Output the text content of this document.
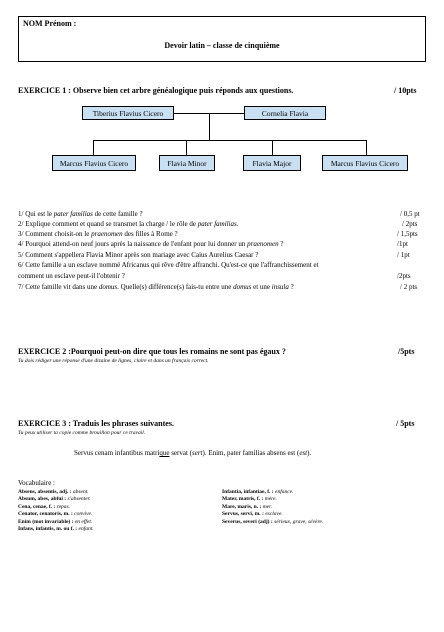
NOM Prénom :
Devoir latin – classe de cinquième
EXERCICE 1 : Observe bien cet arbre généalogique puis réponds aux questions.	/ 10pts
Tiberius Flavius Cicero	Cornelia Flavia
Marcus Flavius Cicero	Flavia Minor	Flavia Major	Marcus Flavius Cicero
1/ Qui est le pater familias de cette famille ?	/ 0,5 pt
2/ Explique comment et quand se transmet la charge / le rôle de pater familias.	/ 2pts
3/ Comment choisit-on le praenomen des filles à Rome ?	/ 1,5pts
4/ Pourquoi attend-on neuf jours après la naissance de l'enfant pour lui donner un praenomen ?	/1pt
5/ Comment s'appellera Flavia Minor après son mariage avec Caius Aurelius Caesar ?	/ 1pt
6/ Cette famille a un esclave nommé Africanus qui rêve d'être affranchi. Qu'est-ce que l'affranchissement et
comment un esclave peut-il l'obtenir ?	/2pts
7/ Cette famille vit dans une domus. Quelle(s) différence(s) fais-tu entre une domus et une insula ?	/ 2 pts
EXERCICE 2 :Pourquoi peut-on dire que tous les romains ne sont pas égaux ?	/5pts
Tu dois rédiger une réponse d'une dizaine de lignes, claire et dans un français correct.
EXERCICE 3 : Traduis les phrases suivantes.	/ 5pts
Tu peux utiliser ta copie comme brouillon pour ce travail.
Servus cenam infantibus matrique servat (sert). Enim, pater familias absens est (est).
Vocabulaire :
Absens, absentis, adj. : absent.
Absum, abes, abfui : s'absenter.
Cena, cenae, f. : repas.
Cenator, cenatoris, m. : convive.
Enim (mot invariable) : en effet.
Infans, infantis, m. ou f. : enfant.
Infantia, infantiae, f. : enfance.
Mater, matris, f. : mère.
Mare, maris, n. : mer.
Servus, servi, m. : esclave.
Severus, severi (adj) : sérieux, grave, sévère.
